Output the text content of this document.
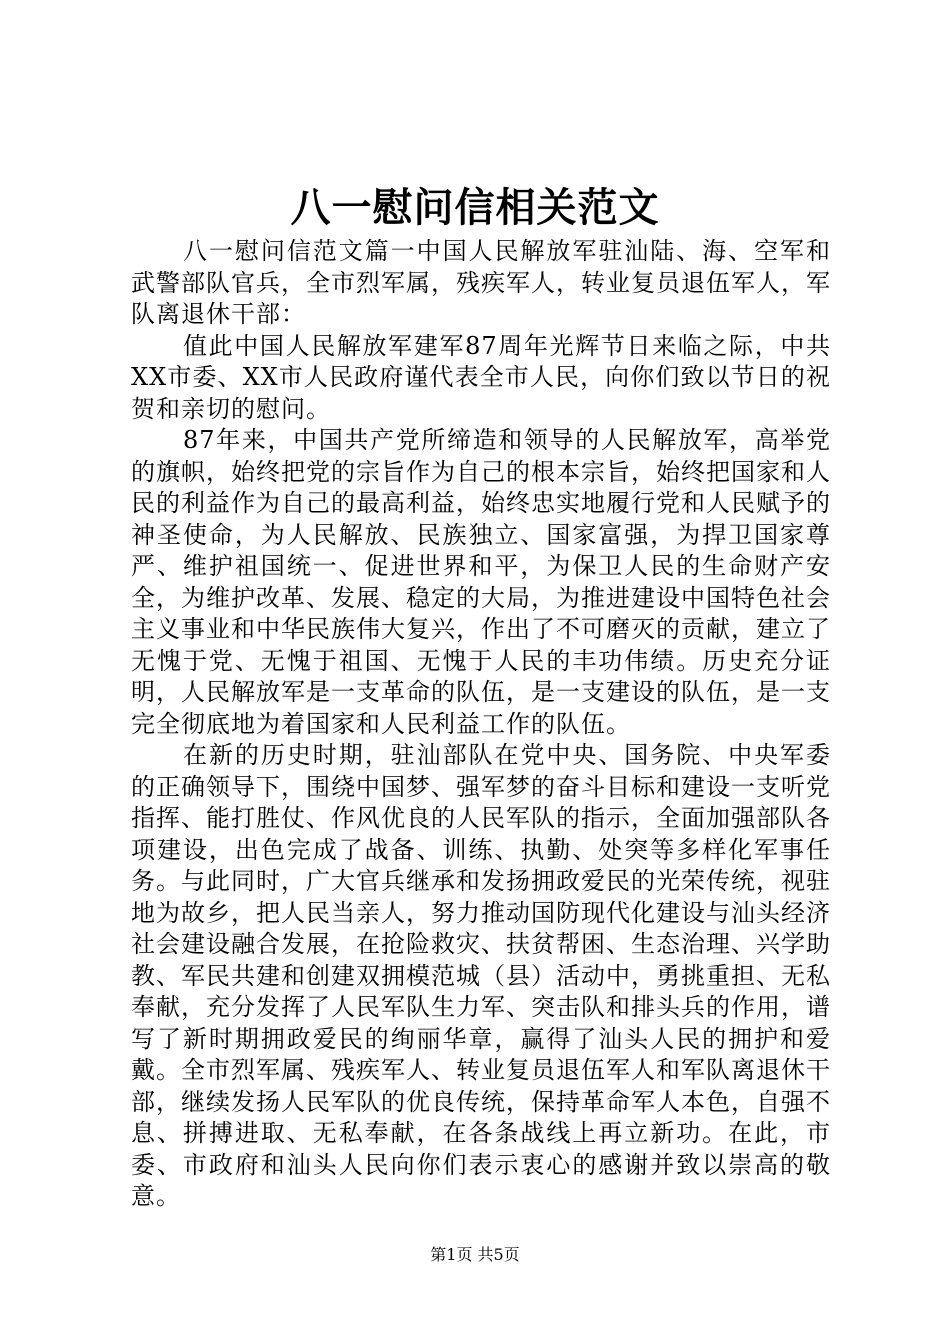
八一慰问信相关范文

八一慰问信范文篇一中国人民解放军驻汕陆、海、空军和武警部队官兵，全市烈军属，残疾军人，转业复员退伍军人，军队离退休干部：

值此中国人民解放军建军87周年光辉节日来临之际，中共XX市委、XX市人民政府谨代表全市人民，向你们致以节日的祝贺和亲切的慰问。

87年来，中国共产党所缔造和领导的人民解放军，高举党的旗帜，始终把党的宗旨作为自己的根本宗旨，始终把国家和人民的利益作为自己的最高利益，始终忠实地履行党和人民赋予的神圣使命，为人民解放、民族独立、国家富强，为捍卫国家尊严、维护祖国统一、促进世界和平，为保卫人民的生命财产安全，为维护改革、发展、稳定的大局，为推进建设中国特色社会主义事业和中华民族伟大复兴，作出了不可磨灭的贡献，建立了无愧于党、无愧于祖国、无愧于人民的丰功伟绩。历史充分证明，人民解放军是一支革命的队伍，是一支建设的队伍，是一支完全彻底地为着国家和人民利益工作的队伍。

在新的历史时期，驻汕部队在党中央、国务院、中央军委的正确领导下，围绕中国梦、强军梦的奋斗目标和建设一支听党指挥、能打胜仗、作风优良的人民军队的指示，全面加强部队各项建设，出色完成了战备、训练、执勤、处突等多样化军事任务。与此同时，广大官兵继承和发扬拥政爱民的光荣传统，视驻地为故乡，把人民当亲人，努力推动国防现代化建设与汕头经济社会建设融合发展，在抢险救灾、扶贫帮困、生态治理、兴学助教、军民共建和创建双拥模范城（县）活动中，勇挑重担、无私奉献，充分发挥了人民军队生力军、突击队和排头兵的作用，谱写了新时期拥政爱民的绚丽华章，赢得了汕头人民的拥护和爱戴。全市烈军属、残疾军人、转业复员退伍军人和军队离退休干部，继续发扬人民军队的优良传统，保持革命军人本色，自强不息、拼搏进取、无私奉献，在各条战线上再立新功。在此，市委、市政府和汕头人民向你们表示衷心的感谢并致以崇高的敬意。

第1页 共5页
